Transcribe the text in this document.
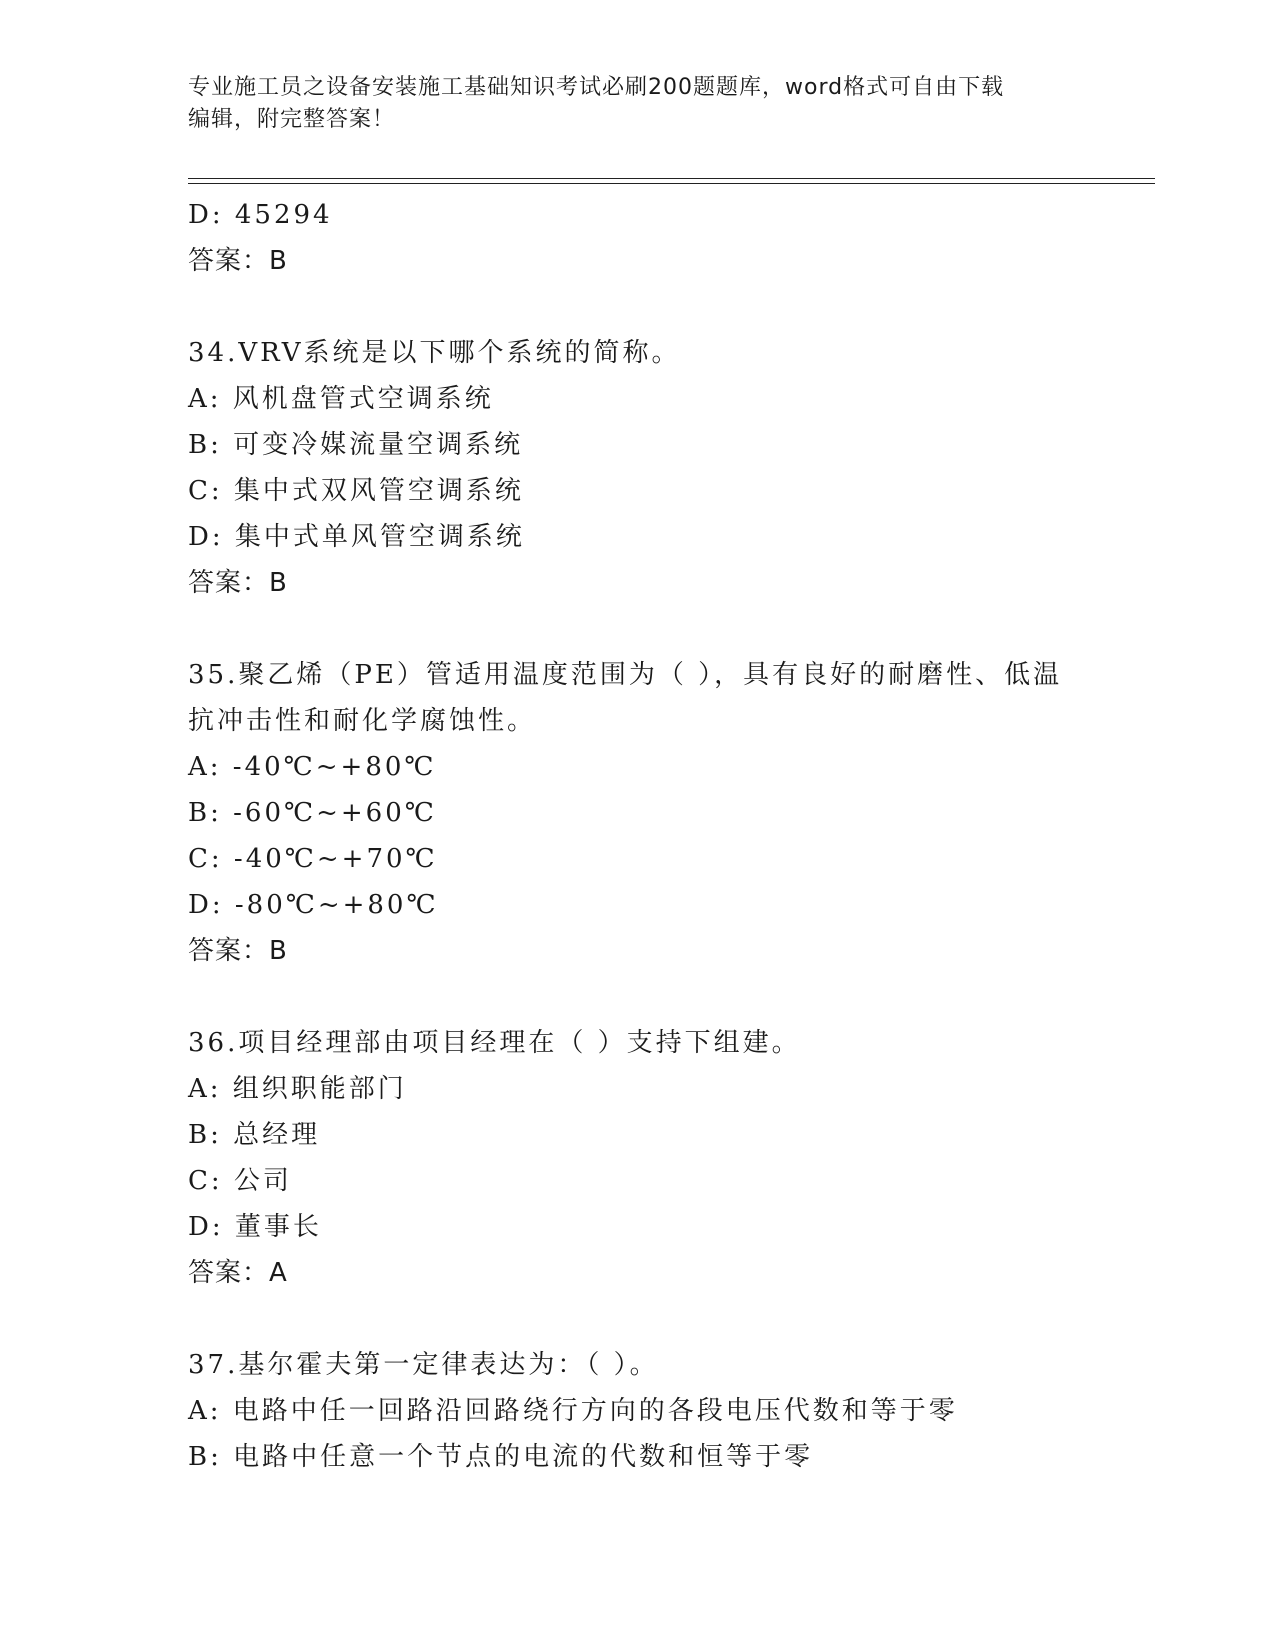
专业施工员之设备安装施工基础知识考试必刷200题题库，word格式可自由下载
编辑，附完整答案！
D: 45294
答案：B
34.VRV系统是以下哪个系统的简称。
A: 风机盘管式空调系统
B: 可变冷媒流量空调系统
C: 集中式双风管空调系统
D: 集中式单风管空调系统
答案：B
35.聚乙烯（PE）管适用温度范围为（ ），具有良好的耐磨性、低温
抗冲击性和耐化学腐蚀性。
A: -40℃~+80℃
B: -60℃~+60℃
C: -40℃~+70℃
D: -80℃~+80℃
答案：B
36.项目经理部由项目经理在（ ）支持下组建。
A: 组织职能部门
B: 总经理
C: 公司
D: 董事长
答案：A
37.基尔霍夫第一定律表达为：（ ）。
A: 电路中任一回路沿回路绕行方向的各段电压代数和等于零
B: 电路中任意一个节点的电流的代数和恒等于零
